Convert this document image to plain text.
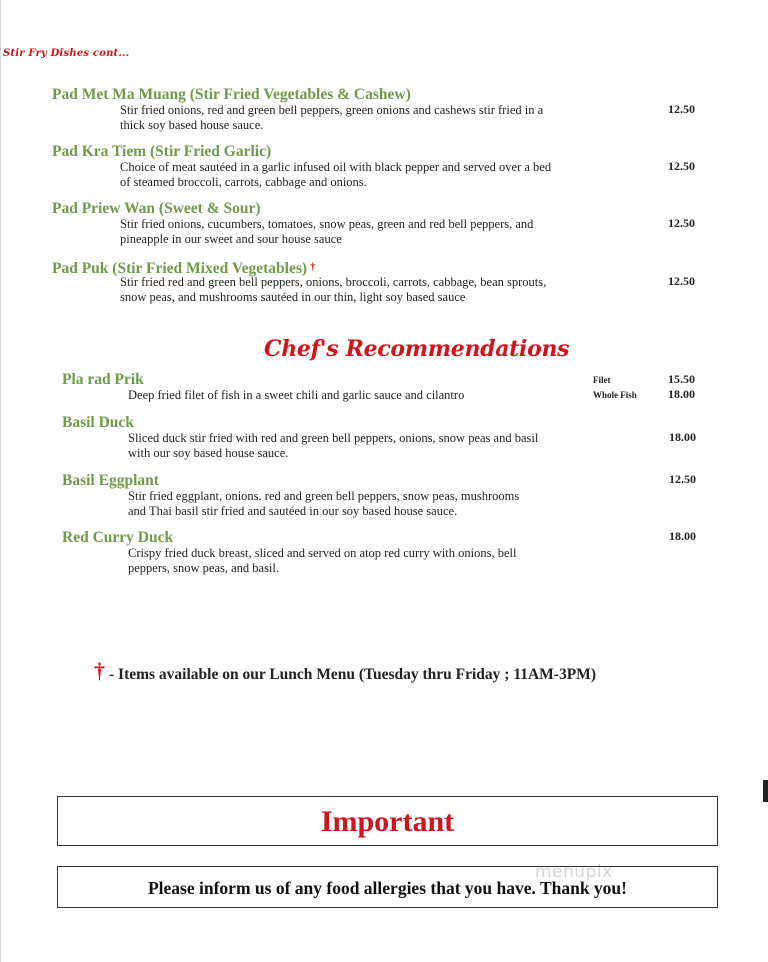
Stir Fry Dishes cont...
Pad Met Ma Muang (Stir Fried Vegetables & Cashew)
Stir fried onions, red and green bell peppers, green onions and cashews stir fried in a
thick soy based house sauce.
12.50
Pad Kra Tiem (Stir Fried Garlic)
Choice of meat sautéed in a garlic infused oil with black pepper and served over a bed
of steamed broccoli, carrots, cabbage and onions.
12.50
Pad Priew Wan (Sweet & Sour)
Stir fried onions, cucumbers, tomatoes, snow peas, green and red bell peppers, and
pineapple in our sweet and sour house sauce
12.50
Pad Puk (Stir Fried Mixed Vegetables) †
Stir fried red and green bell peppers, onions, broccoli, carrots, cabbage, bean sprouts,
snow peas, and mushrooms sautéed in our thin, light soy based sauce
12.50
Chef's Recommendations
Pla rad Prik
Deep fried filet of fish in a sweet chili and garlic sauce and cilantro
Filet	15.50
Whole Fish	18.00
Basil Duck
Sliced duck stir fried with red and green bell peppers, onions, snow peas and basil
with our soy based house sauce.
18.00
Basil Eggplant
Stir fried eggplant, onions. red and green bell peppers, snow peas, mushrooms
and Thai basil stir fried and sautéed in our soy based house sauce.
12.50
Red Curry Duck
Crispy fried duck breast, sliced and served on atop red curry with onions, bell
peppers, snow peas, and basil.
18.00
† - Items available on our Lunch Menu (Tuesday thru Friday ; 11AM-3PM)
Important
Please inform us of any food allergies that you have. Thank you!
menupix
